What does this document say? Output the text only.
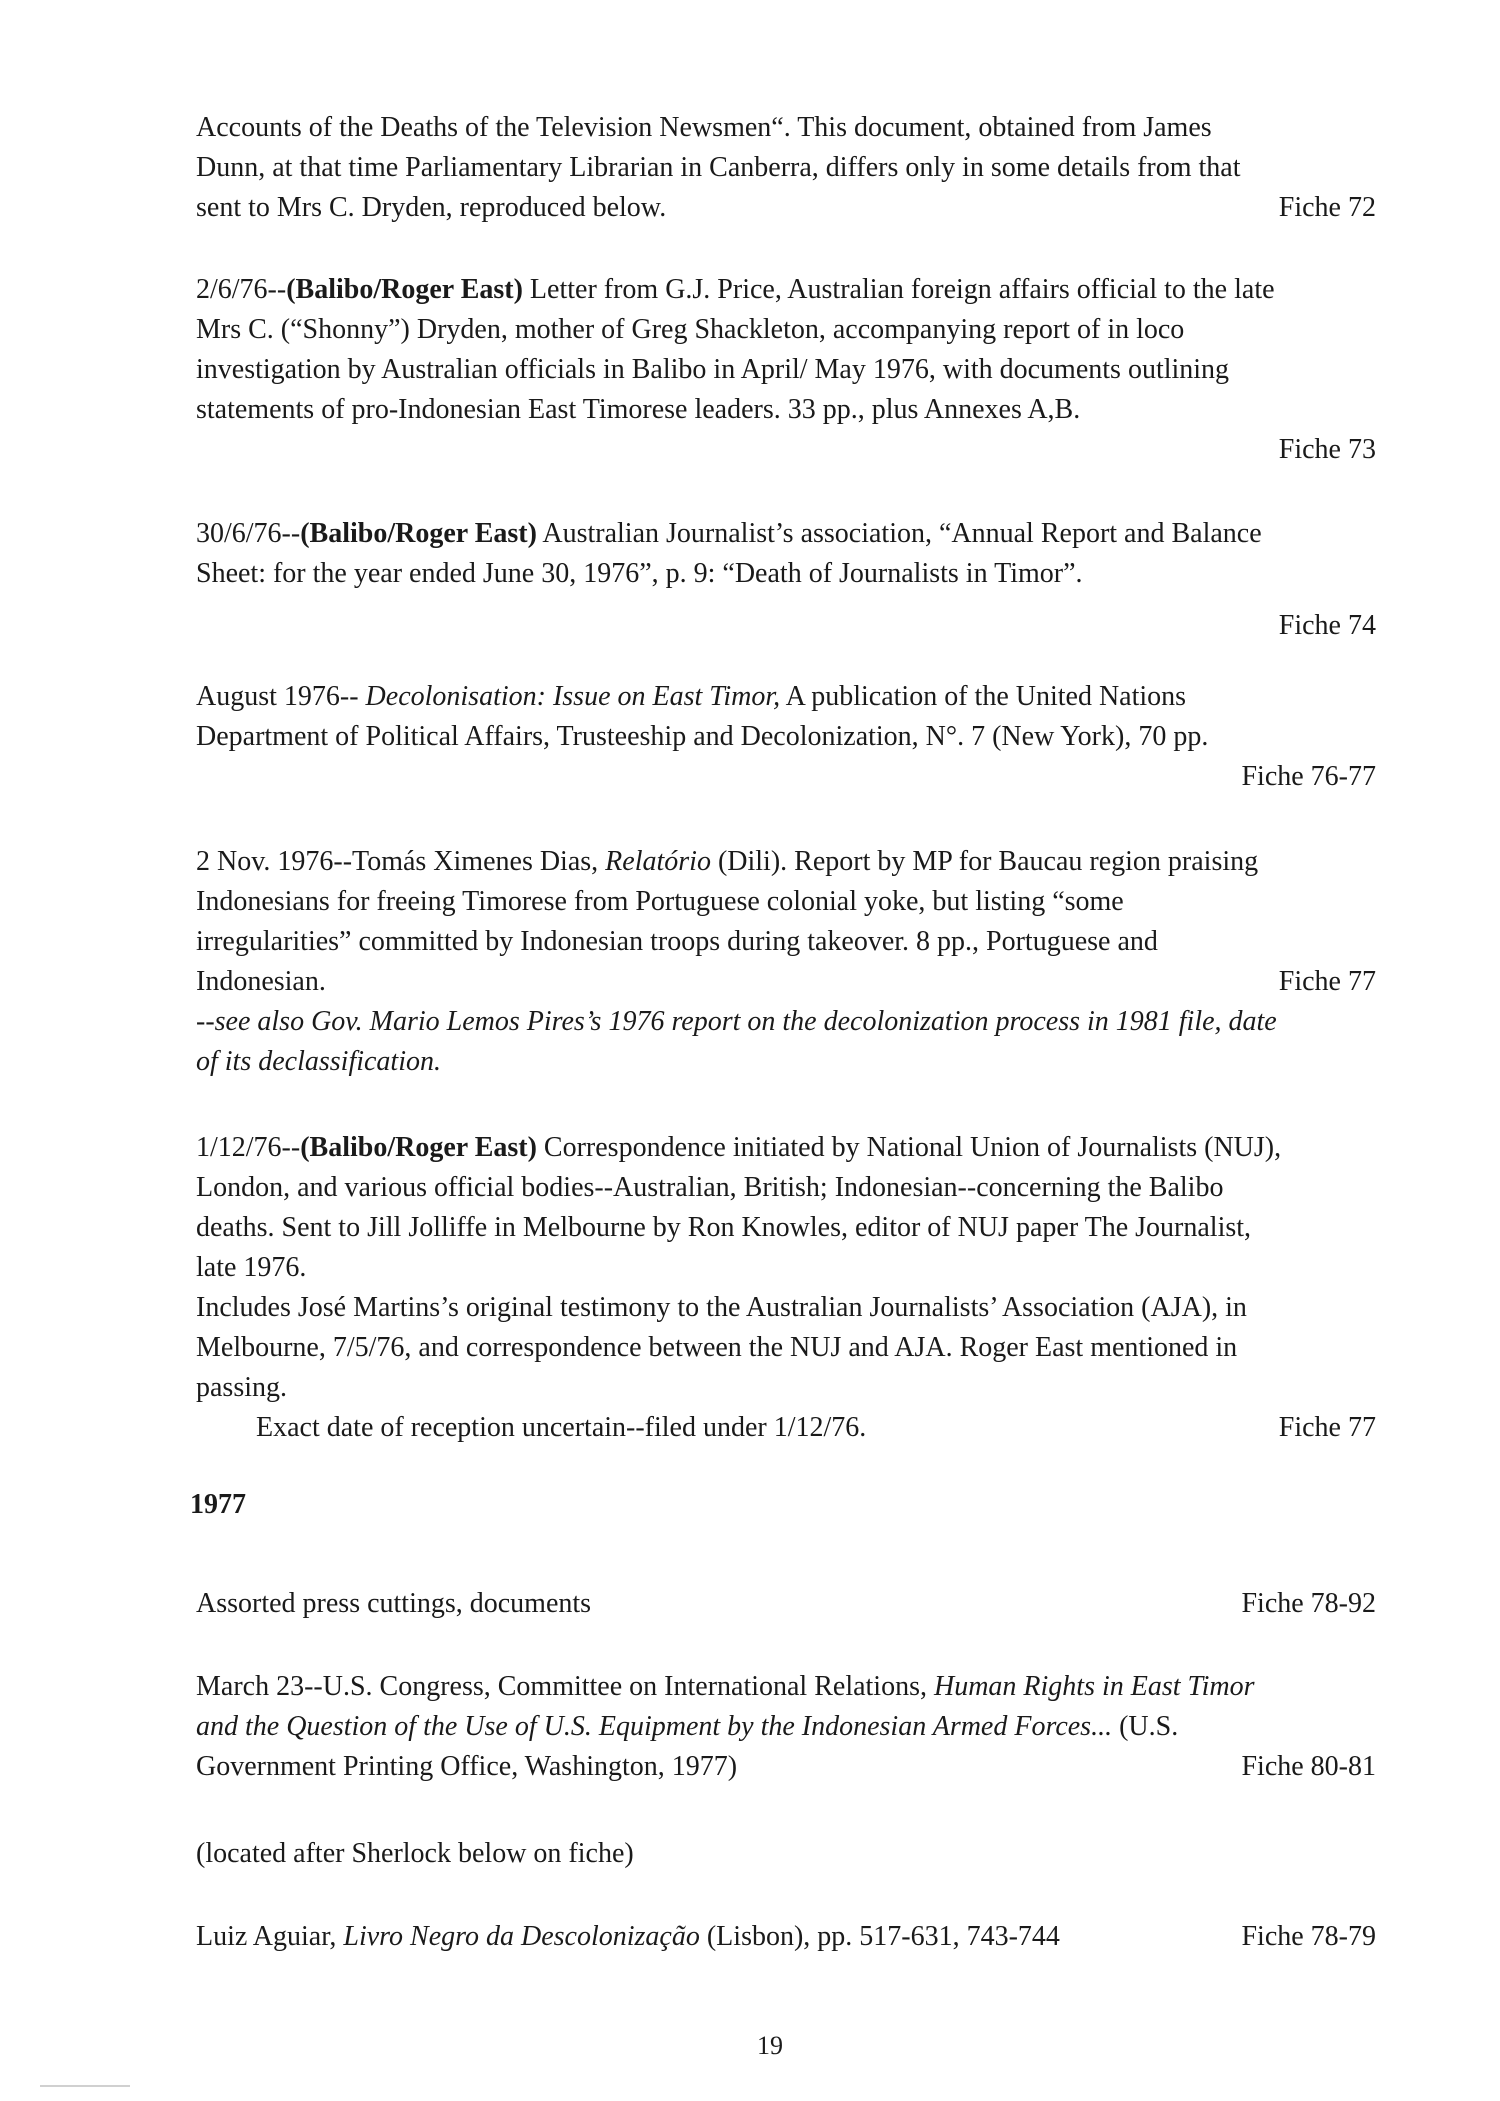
Accounts of the Deaths of the Television Newsmen“. This document, obtained from James

Dunn, at that time Parliamentary Librarian in Canberra, differs only in some details from that

sent to Mrs C. Dryden, reproduced below.	Fiche 72

2/6/76--(Balibo/Roger East) Letter from G.J. Price, Australian foreign affairs official to the late

Mrs C. (“Shonny”) Dryden, mother of Greg Shackleton, accompanying report of in loco

investigation by Australian officials in Balibo in April/ May 1976, with documents outlining

statements of pro-Indonesian East Timorese leaders. 33 pp., plus Annexes A,B.

Fiche 73

30/6/76--(Balibo/Roger East) Australian Journalist’s association, “Annual Report and Balance

Sheet: for the year ended June 30, 1976”, p. 9: “Death of Journalists in Timor”.

Fiche 74

August 1976-- Decolonisation: Issue on East Timor, A publication of the United Nations

Department of Political Affairs, Trusteeship and Decolonization, N°. 7 (New York), 70 pp.

Fiche 76-77

2 Nov. 1976--Tomás Ximenes Dias, Relatório (Dili). Report by MP for Baucau region praising

Indonesians for freeing Timorese from Portuguese colonial yoke, but listing “some

irregularities” committed by Indonesian troops during takeover. 8 pp., Portuguese and

Indonesian.	Fiche 77

--see also Gov. Mario Lemos Pires’s 1976 report on the decolonization process in 1981 file, date

of its declassification.

1/12/76--(Balibo/Roger East) Correspondence initiated by National Union of Journalists (NUJ),

London, and various official bodies--Australian, British; Indonesian--concerning the Balibo

deaths. Sent to Jill Jolliffe in Melbourne by Ron Knowles, editor of NUJ paper The Journalist,

late 1976.

Includes José Martins’s original testimony to the Australian Journalists’ Association (AJA), in

Melbourne, 7/5/76, and correspondence between the NUJ and AJA. Roger East mentioned in

passing.

Exact date of reception uncertain--filed under 1/12/76.	Fiche 77
1977
Assorted press cuttings, documents	Fiche 78-92

March 23--U.S. Congress, Committee on International Relations, Human Rights in East Timor

and the Question of the Use of U.S. Equipment by the Indonesian Armed Forces... (U.S.

Government Printing Office, Washington, 1977)	Fiche 80-81

(located after Sherlock below on fiche)

Luiz Aguiar, Livro Negro da Descolonização (Lisbon), pp. 517-631, 743-744	Fiche 78-79
19
